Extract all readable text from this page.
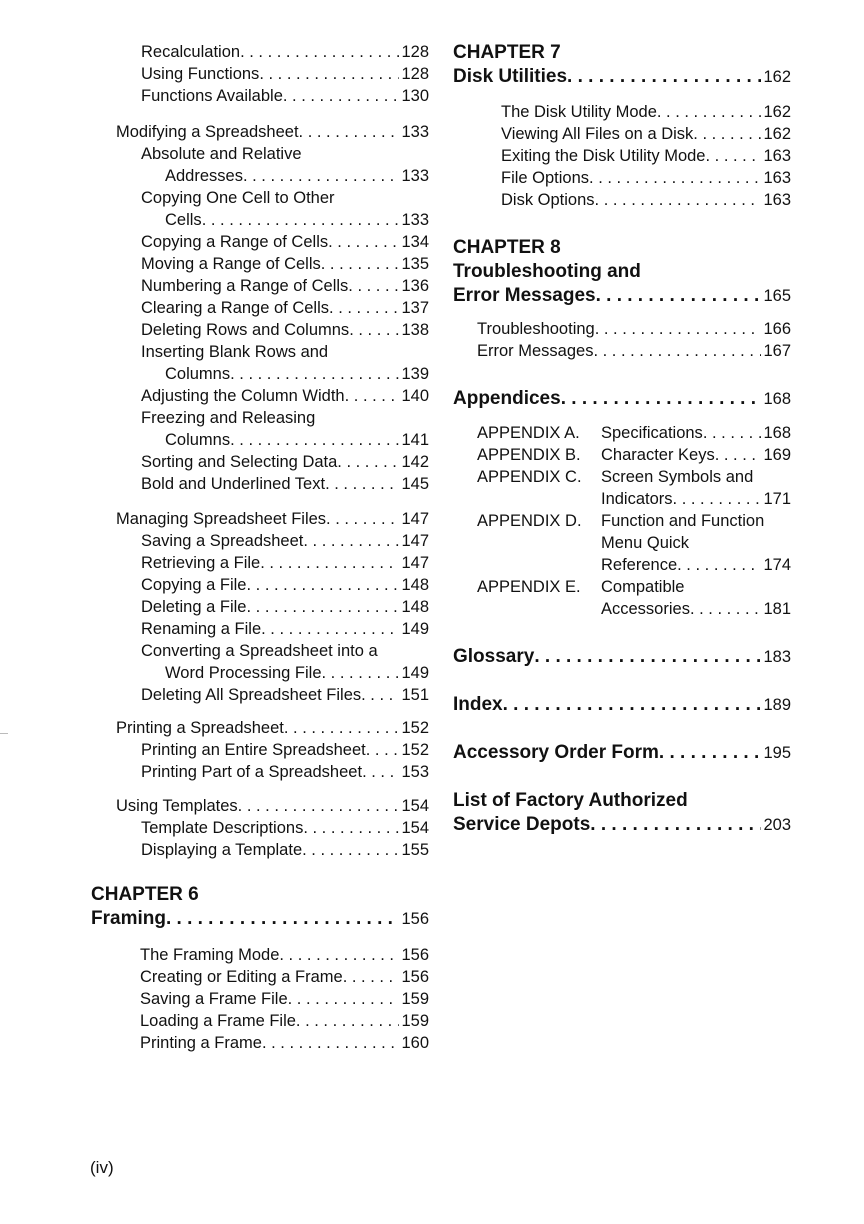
Recalculation . . .	128
Using Functions . . .	128
Functions Available . . .	130
Modifying a Spreadsheet . . .	133
Absolute and Relative
Addresses . . .	133
Copying One Cell to Other
Cells . . .	133
Copying a Range of Cells . . .	134
Moving a Range of Cells . . .	135
Numbering a Range of Cells . . .	136
Clearing a Range of Cells . . .	137
Deleting Rows and Columns . . .	138
Inserting Blank Rows and
Columns . . .	139
Adjusting the Column Width . . .	140
Freezing and Releasing
Columns . . .	141
Sorting and Selecting Data . . .	142
Bold and Underlined Text . . .	145
Managing Spreadsheet Files . . .	147
Saving a Spreadsheet . . .	147
Retrieving a File . . .	147
Copying a File . . .	148
Deleting a File . . .	148
Renaming a File . . .	149
Converting a Spreadsheet into a
Word Processing File . . .	149
Deleting All Spreadsheet Files . . . 151
Printing a Spreadsheet . . .	152
Printing an Entire Spreadsheet . . . 152
Printing Part of a Spreadsheet . . . 153
Using Templates . . .	154
Template Descriptions . . .	154
Displaying a Template . . .	155
CHAPTER 6
Framing . . .	156
The Framing Mode . . .	156
Creating or Editing a Frame . . .	156
Saving a Frame File . . .	159
Loading a Frame File . . .	159
Printing a Frame . . .	160
CHAPTER 7
Disk Utilities . . .	162
The Disk Utility Mode . . .	162
Viewing All Files on a Disk . . .	162
Exiting the Disk Utility Mode . . .	163
File Options . . .	163
Disk Options . . .	163
CHAPTER 8
Troubleshooting and
Error Messages . . .	165
Troubleshooting . . .	166
Error Messages . . .	167
Appendices . . .	168
APPENDIX A. Specifications . . .	168
APPENDIX B. Character Keys . . .	169
APPENDIX C. Screen Symbols and
Indicators . . .	171
APPENDIX D. Function and Function
Menu Quick
Reference . . .	174
APPENDIX E. Compatible
Accessories . . .	181
Glossary . . .	183
Index . . .	189
Accessory Order Form . . .	195
List of Factory Authorized
Service Depots . . .	203
(iv)
